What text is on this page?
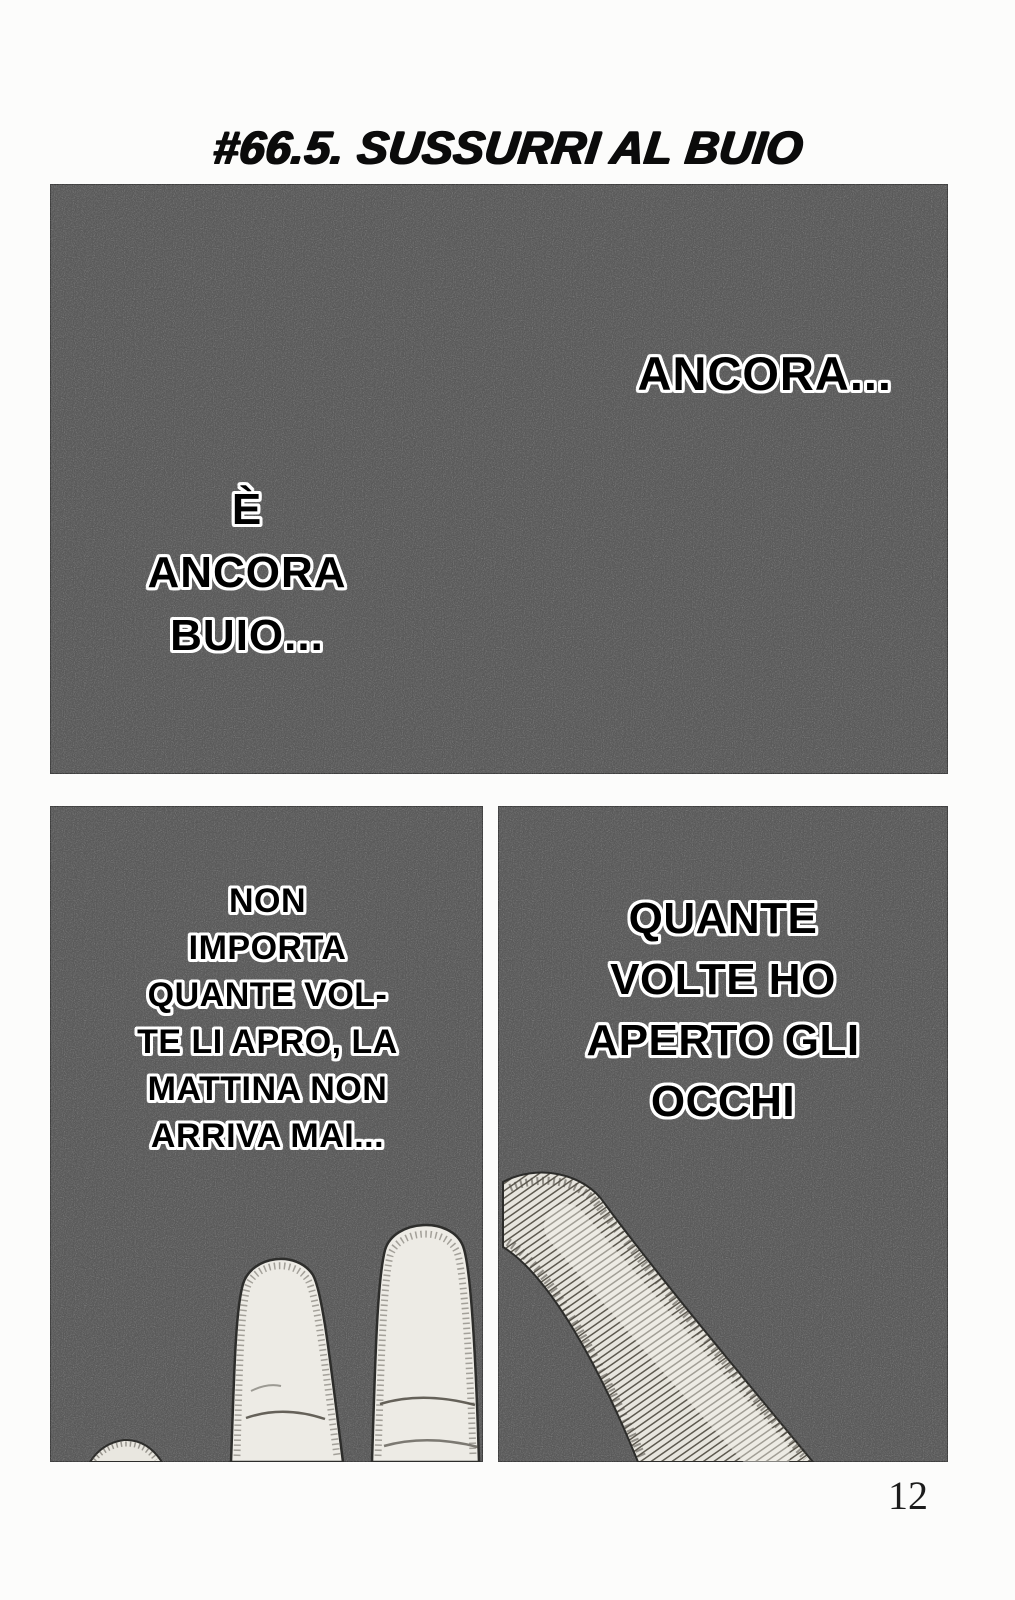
#66.5. SUSSURRI AL BUIO
ANCORA...
È
ANCORA
BUIO...
NON
IMPORTA
QUANTE VOL-
TE LI APRO, LA
MATTINA NON
ARRIVA MAI...
QUANTE
VOLTE HO
APERTO GLI
OCCHI
12
